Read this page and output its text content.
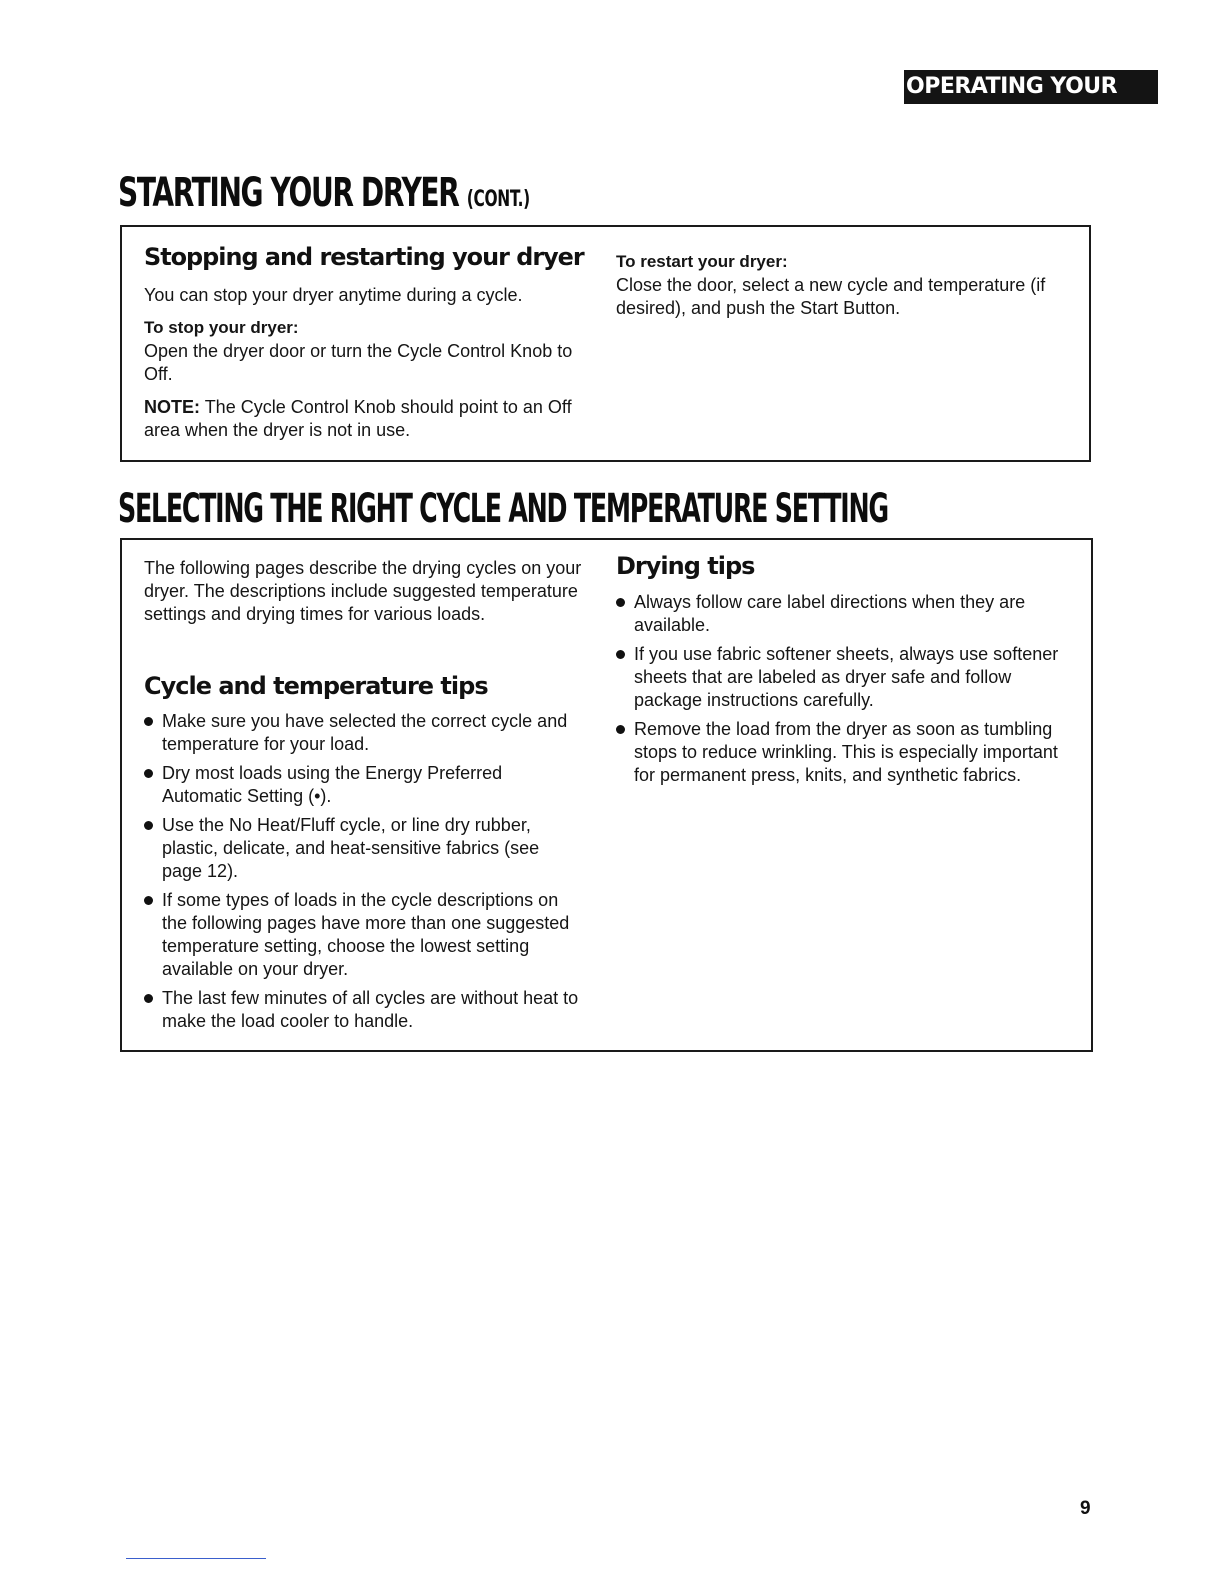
OPERATING YOUR DRYER
STARTING YOUR DRYER (CONT.)
Stopping and restarting your dryer
You can stop your dryer anytime during a cycle.
To stop your dryer:
Open the dryer door or turn the Cycle Control Knob to Off.
NOTE: The Cycle Control Knob should point to an Off area when the dryer is not in use.
To restart your dryer:
Close the door, select a new cycle and temperature (if desired), and push the Start Button.
SELECTING THE RIGHT CYCLE AND TEMPERATURE SETTING
The following pages describe the drying cycles on your dryer. The descriptions include suggested temperature settings and drying times for various loads.
Cycle and temperature tips
Make sure you have selected the correct cycle and temperature for your load.
Dry most loads using the Energy Preferred Automatic Setting (•).
Use the No Heat/Fluff cycle, or line dry rubber, plastic, delicate, and heat-sensitive fabrics (see page 12).
If some types of loads in the cycle descriptions on the following pages have more than one suggested temperature setting, choose the lowest setting available on your dryer.
The last few minutes of all cycles are without heat to make the load cooler to handle.
Drying tips
Always follow care label directions when they are available.
If you use fabric softener sheets, always use softener sheets that are labeled as dryer safe and follow package instructions carefully.
Remove the load from the dryer as soon as tumbling stops to reduce wrinkling. This is especially important for permanent press, knits, and synthetic fabrics.
9
